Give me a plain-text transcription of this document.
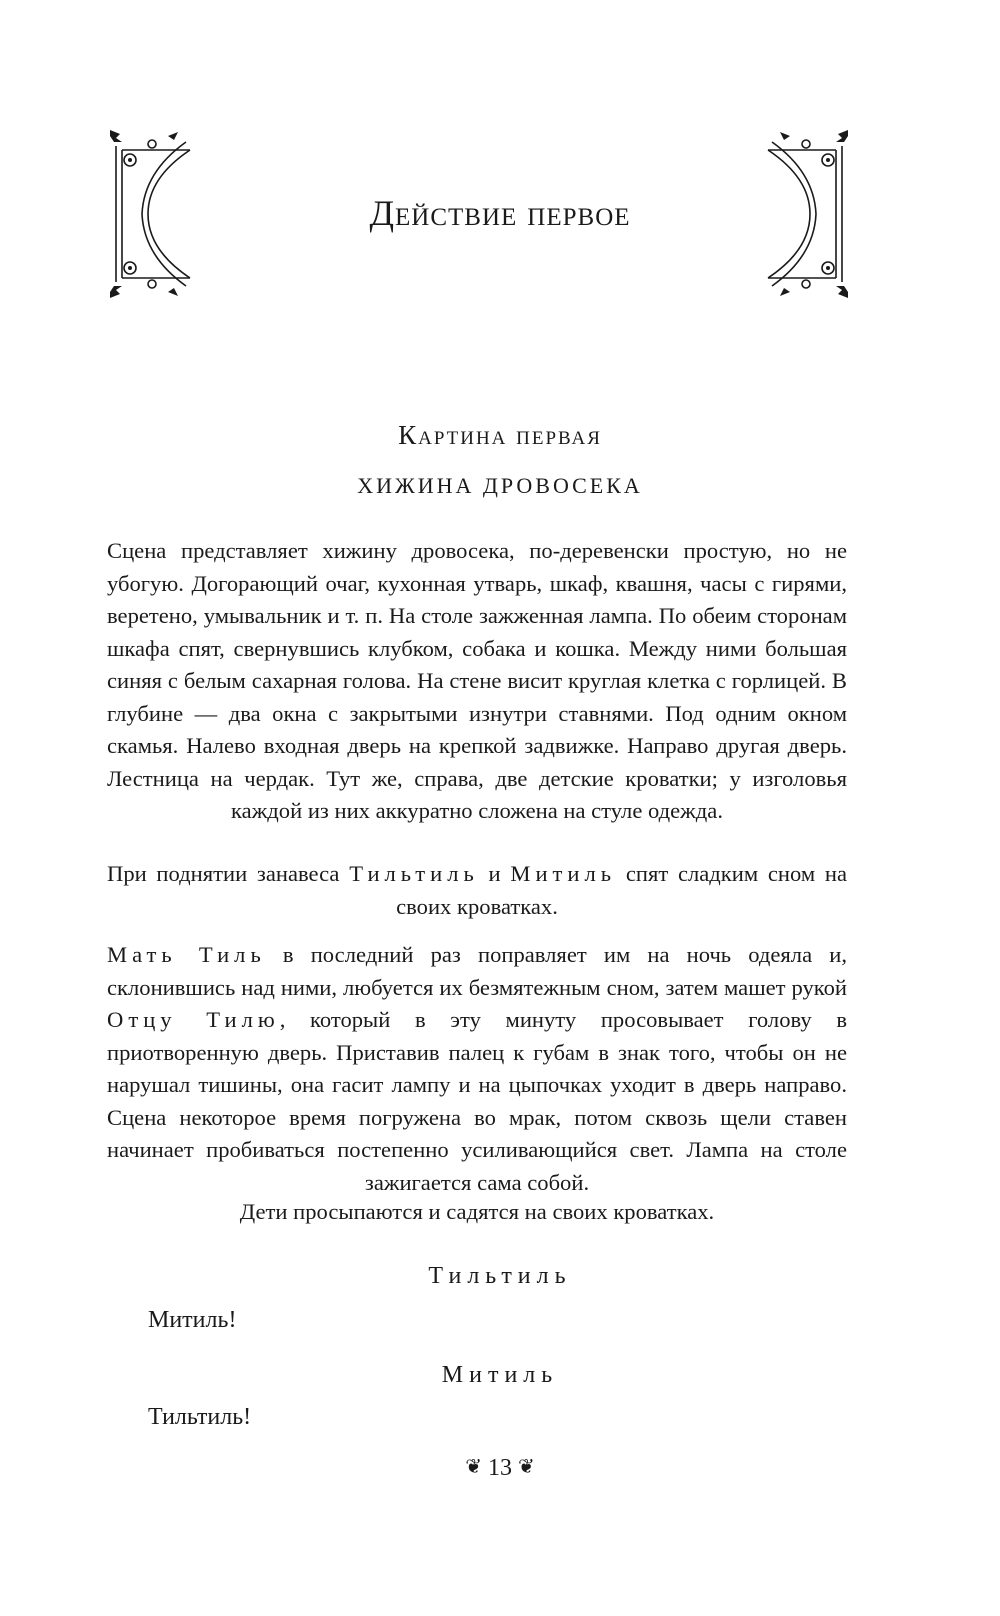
Действие первое
Картина первая
ХИЖИНА ДРОВОСЕКА

Сцена представляет хижину дровосека, по-деревенски простую, но не убогую. Догорающий очаг, кухонная утварь, шкаф, квашня, часы с гирями, веретено, умывальник и т. п. На столе зажженная лампа. По обеим сторонам шкафа спят, свернувшись клубком, собака и кошка. Между ними большая синяя с белым сахарная голова. На стене висит круглая клетка с горлицей. В глубине — два окна с закрытыми изнутри ставнями. Под одним окном скамья. Налево входная дверь на крепкой задвижке. Направо другая дверь. Лестница на чердак. Тут же, справа, две детские кроватки; у изголовья каждой из них аккуратно сложена на стуле одежда.

При поднятии занавеса Тильтиль и Митиль спят сладким сном на своих кроватках.

Мать Тиль в последний раз поправляет им на ночь одеяла и, склонившись над ними, любуется их безмятежным сном, затем машет рукой Отцу Тилю, который в эту минуту просовывает голову в приотворенную дверь. Приставив палец к губам в знак того, чтобы он не нарушал тишины, она гасит лампу и на цыпочках уходит в дверь направо. Сцена некоторое время погружена во мрак, потом сквозь щели ставен начинает пробиваться постепенно усиливающийся свет. Лампа на столе зажигается сама собой.

Дети просыпаются и садятся на своих кроватках.

Тильтиль

Митиль!

Митиль

Тильтиль!

❦ 13 ❦
